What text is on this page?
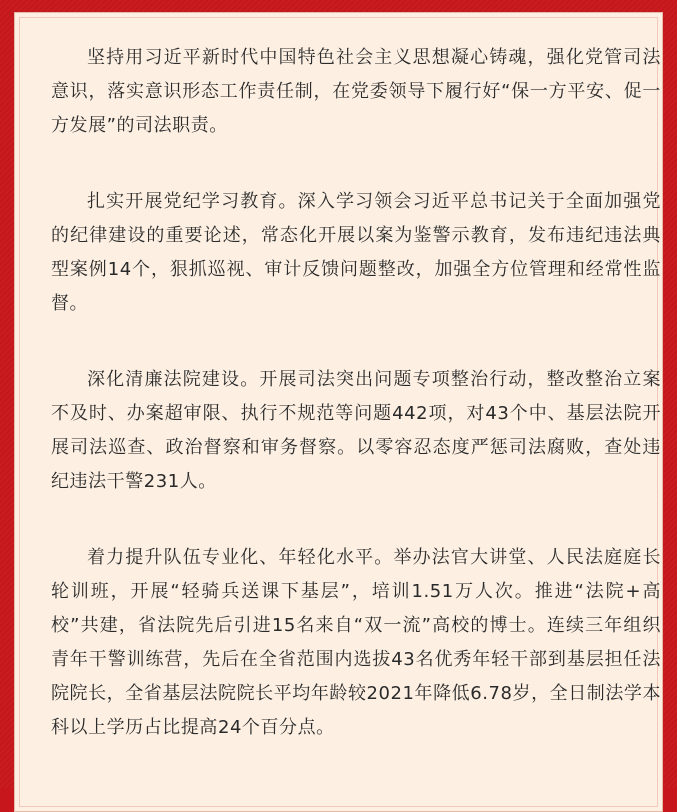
坚持用习近平新时代中国特色社会主义思想凝心铸魂，强化党管司法意识，落实意识形态工作责任制，在党委领导下履行好“保一方平安、促一方发展”的司法职责。

扎实开展党纪学习教育。深入学习领会习近平总书记关于全面加强党的纪律建设的重要论述，常态化开展以案为鉴警示教育，发布违纪违法典型案例14个，狠抓巡视、审计反馈问题整改，加强全方位管理和经常性监督。

深化清廉法院建设。开展司法突出问题专项整治行动，整改整治立案不及时、办案超审限、执行不规范等问题442项，对43个中、基层法院开展司法巡查、政治督察和审务督察。以零容忍态度严惩司法腐败，查处违纪违法干警231人。

着力提升队伍专业化、年轻化水平。举办法官大讲堂、人民法庭庭长轮训班，开展“轻骑兵送课下基层”，培训1.51万人次。推进“法院+高校”共建，省法院先后引进15名来自“双一流”高校的博士。连续三年组织青年干警训练营，先后在全省范围内选拔43名优秀年轻干部到基层担任法院院长，全省基层法院院长平均年龄较2021年降低6.78岁，全日制法学本科以上学历占比提高24个百分点。
